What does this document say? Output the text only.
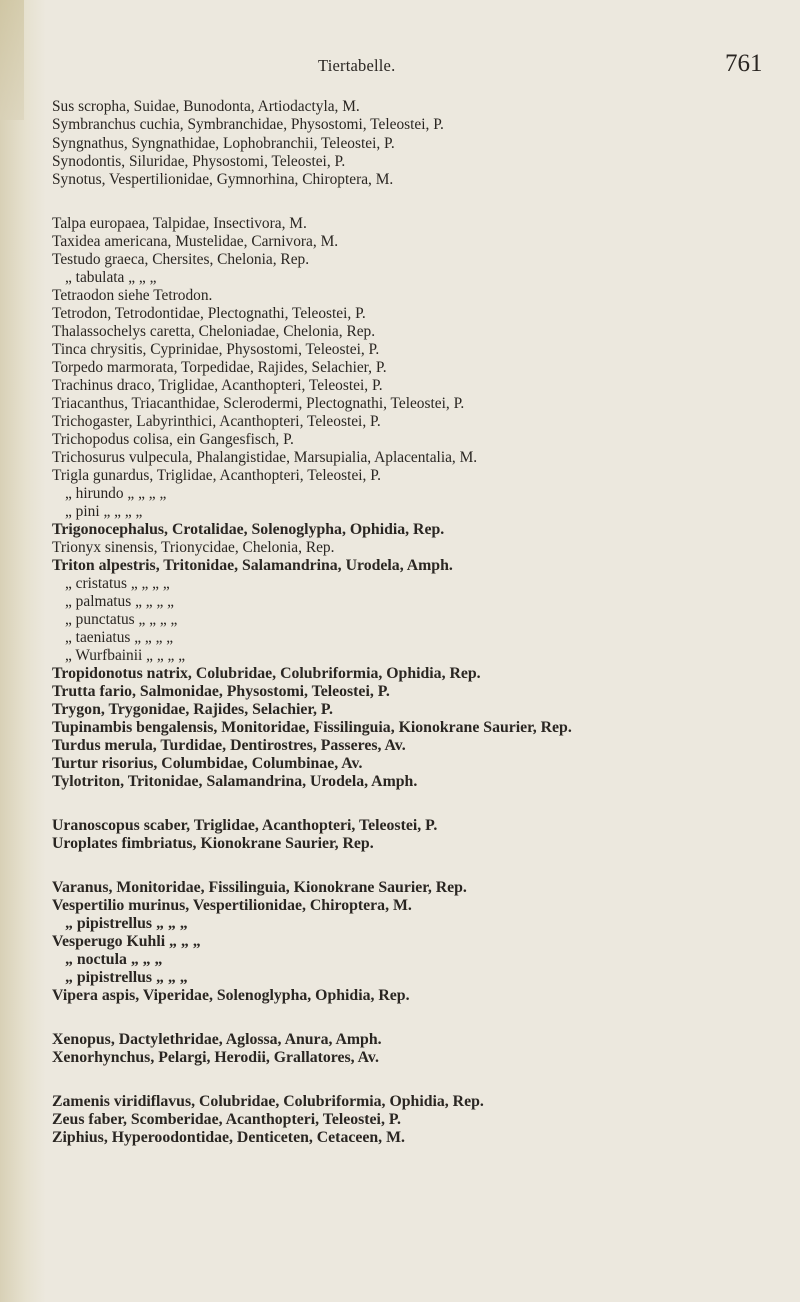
Tiertabelle.	761
Sus scropha, Suidae, Bunodonta, Artiodactyla, M.
Symbranchus cuchia, Symbranchidae, Physostomi, Teleostei, P.
Syngnathus, Syngnathidae, Lophobranchii, Teleostei, P.
Synodontis, Siluridae, Physostomi, Teleostei, P.
Synotus, Vespertilionidae, Gymnorhina, Chiroptera, M.
Talpa europaea, Talpidae, Insectivora, M.
Taxidea americana, Mustelidae, Carnivora, M.
Testudo graeca, Chersites, Chelonia, Rep.
„ tabulata „ „ „
Tetraodon siehe Tetrodon.
Tetrodon, Tetrodontidae, Plectognathi, Teleostei, P.
Thalassochelys caretta, Cheloniadae, Chelonia, Rep.
Tinca chrysitis, Cyprinidae, Physostomi, Teleostei, P.
Torpedo marmorata, Torpedidae, Rajides, Selachier, P.
Trachinus draco, Triglidae, Acanthopteri, Teleostei, P.
Triacanthus, Triacanthidae, Sclerodermi, Plectognathi, Teleostei, P.
Trichogaster, Labyrinthici, Acanthopteri, Teleostei, P.
Trichopodus colisa, ein Gangesfisch, P.
Trichosurus vulpecula, Phalangistidae, Marsupialia, Aplacentalia, M.
Trigla gunardus, Triglidae, Acanthopteri, Teleostei, P.
„ hirundo „ „ „ „
„ pini „ „ „ „
Trigonocephalus, Crotalidae, Solenoglypha, Ophidia, Rep.
Trionyx sinensis, Trionycidae, Chelonia, Rep.
Triton alpestris, Tritonidae, Salamandrina, Urodela, Amph.
„ cristatus „ „ „ „
„ palmatus „ „ „ „
„ punctatus „ „ „ „
„ taeniatus „ „ „ „
„ Wurfbainii „ „ „ „
Tropidonotus natrix, Colubridae, Colubriformia, Ophidia, Rep.
Trutta fario, Salmonidae, Physostomi, Teleostei, P.
Trygon, Trygonidae, Rajides, Selachier, P.
Tupinambis bengalensis, Monitoridae, Fissilinguia, Kionokrane Saurier, Rep.
Turdus merula, Turdidae, Dentirostres, Passeres, Av.
Turtur risorius, Columbidae, Columbinae, Av.
Tylotriton, Tritonidae, Salamandrina, Urodela, Amph.
Uranoscopus scaber, Triglidae, Acanthopteri, Teleostei, P.
Uroplates fimbriatus, Kionokrane Saurier, Rep.
Varanus, Monitoridae, Fissilinguia, Kionokrane Saurier, Rep.
Vespertilio murinus, Vespertilionidae, Chiroptera, M.
„ pipistrellus „ „ „
Vesperugo Kuhli „ „ „
„ noctula „ „ „
„ pipistrellus „ „ „
Vipera aspis, Viperidae, Solenoglypha, Ophidia, Rep.
Xenopus, Dactylethridae, Aglossa, Anura, Amph.
Xenorhynchus, Pelargi, Herodii, Grallatores, Av.
Zamenis viridiflavus, Colubridae, Colubriformia, Ophidia, Rep.
Zeus faber, Scomberidae, Acanthopteri, Teleostei, P.
Ziphius, Hyperoodontidae, Denticeten, Cetaceen, M.
